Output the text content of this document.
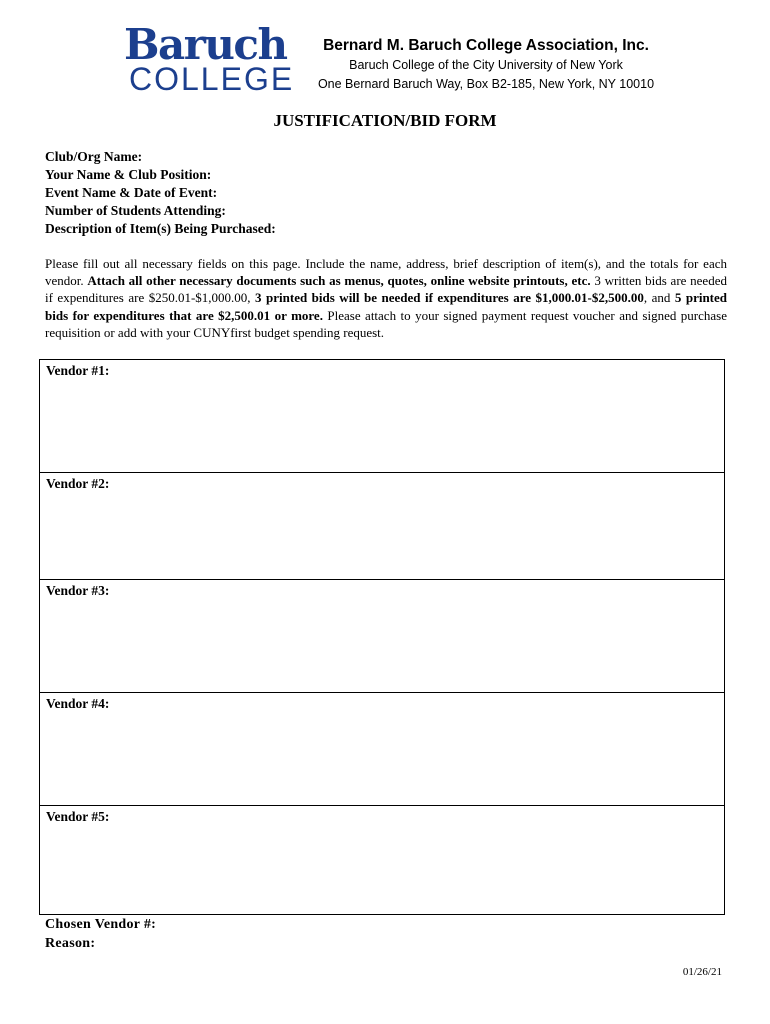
Baruch
COLLEGE
Bernard M. Baruch College Association, Inc.
Baruch College of the City University of New York
One Bernard Baruch Way, Box B2-185, New York, NY 10010
JUSTIFICATION/BID FORM
Club/Org Name:
Your Name & Club Position:
Event Name & Date of Event:
Number of Students Attending:
Description of Item(s) Being Purchased:
Please fill out all necessary fields on this page. Include the name, address, brief description of item(s), and the totals for each vendor. Attach all other necessary documents such as menus, quotes, online website printouts, etc. 3 written bids are needed if expenditures are $250.01-$1,000.00, 3 printed bids will be needed if expenditures are $1,000.01-$2,500.00, and 5 printed bids for expenditures that are $2,500.01 or more. Please attach to your signed payment request voucher and signed purchase requisition or add with your CUNYfirst budget spending request.
Vendor #1:
Vendor #2:
Vendor #3:
Vendor #4:
Vendor #5:
Chosen Vendor #:
Reason:
01/26/21
